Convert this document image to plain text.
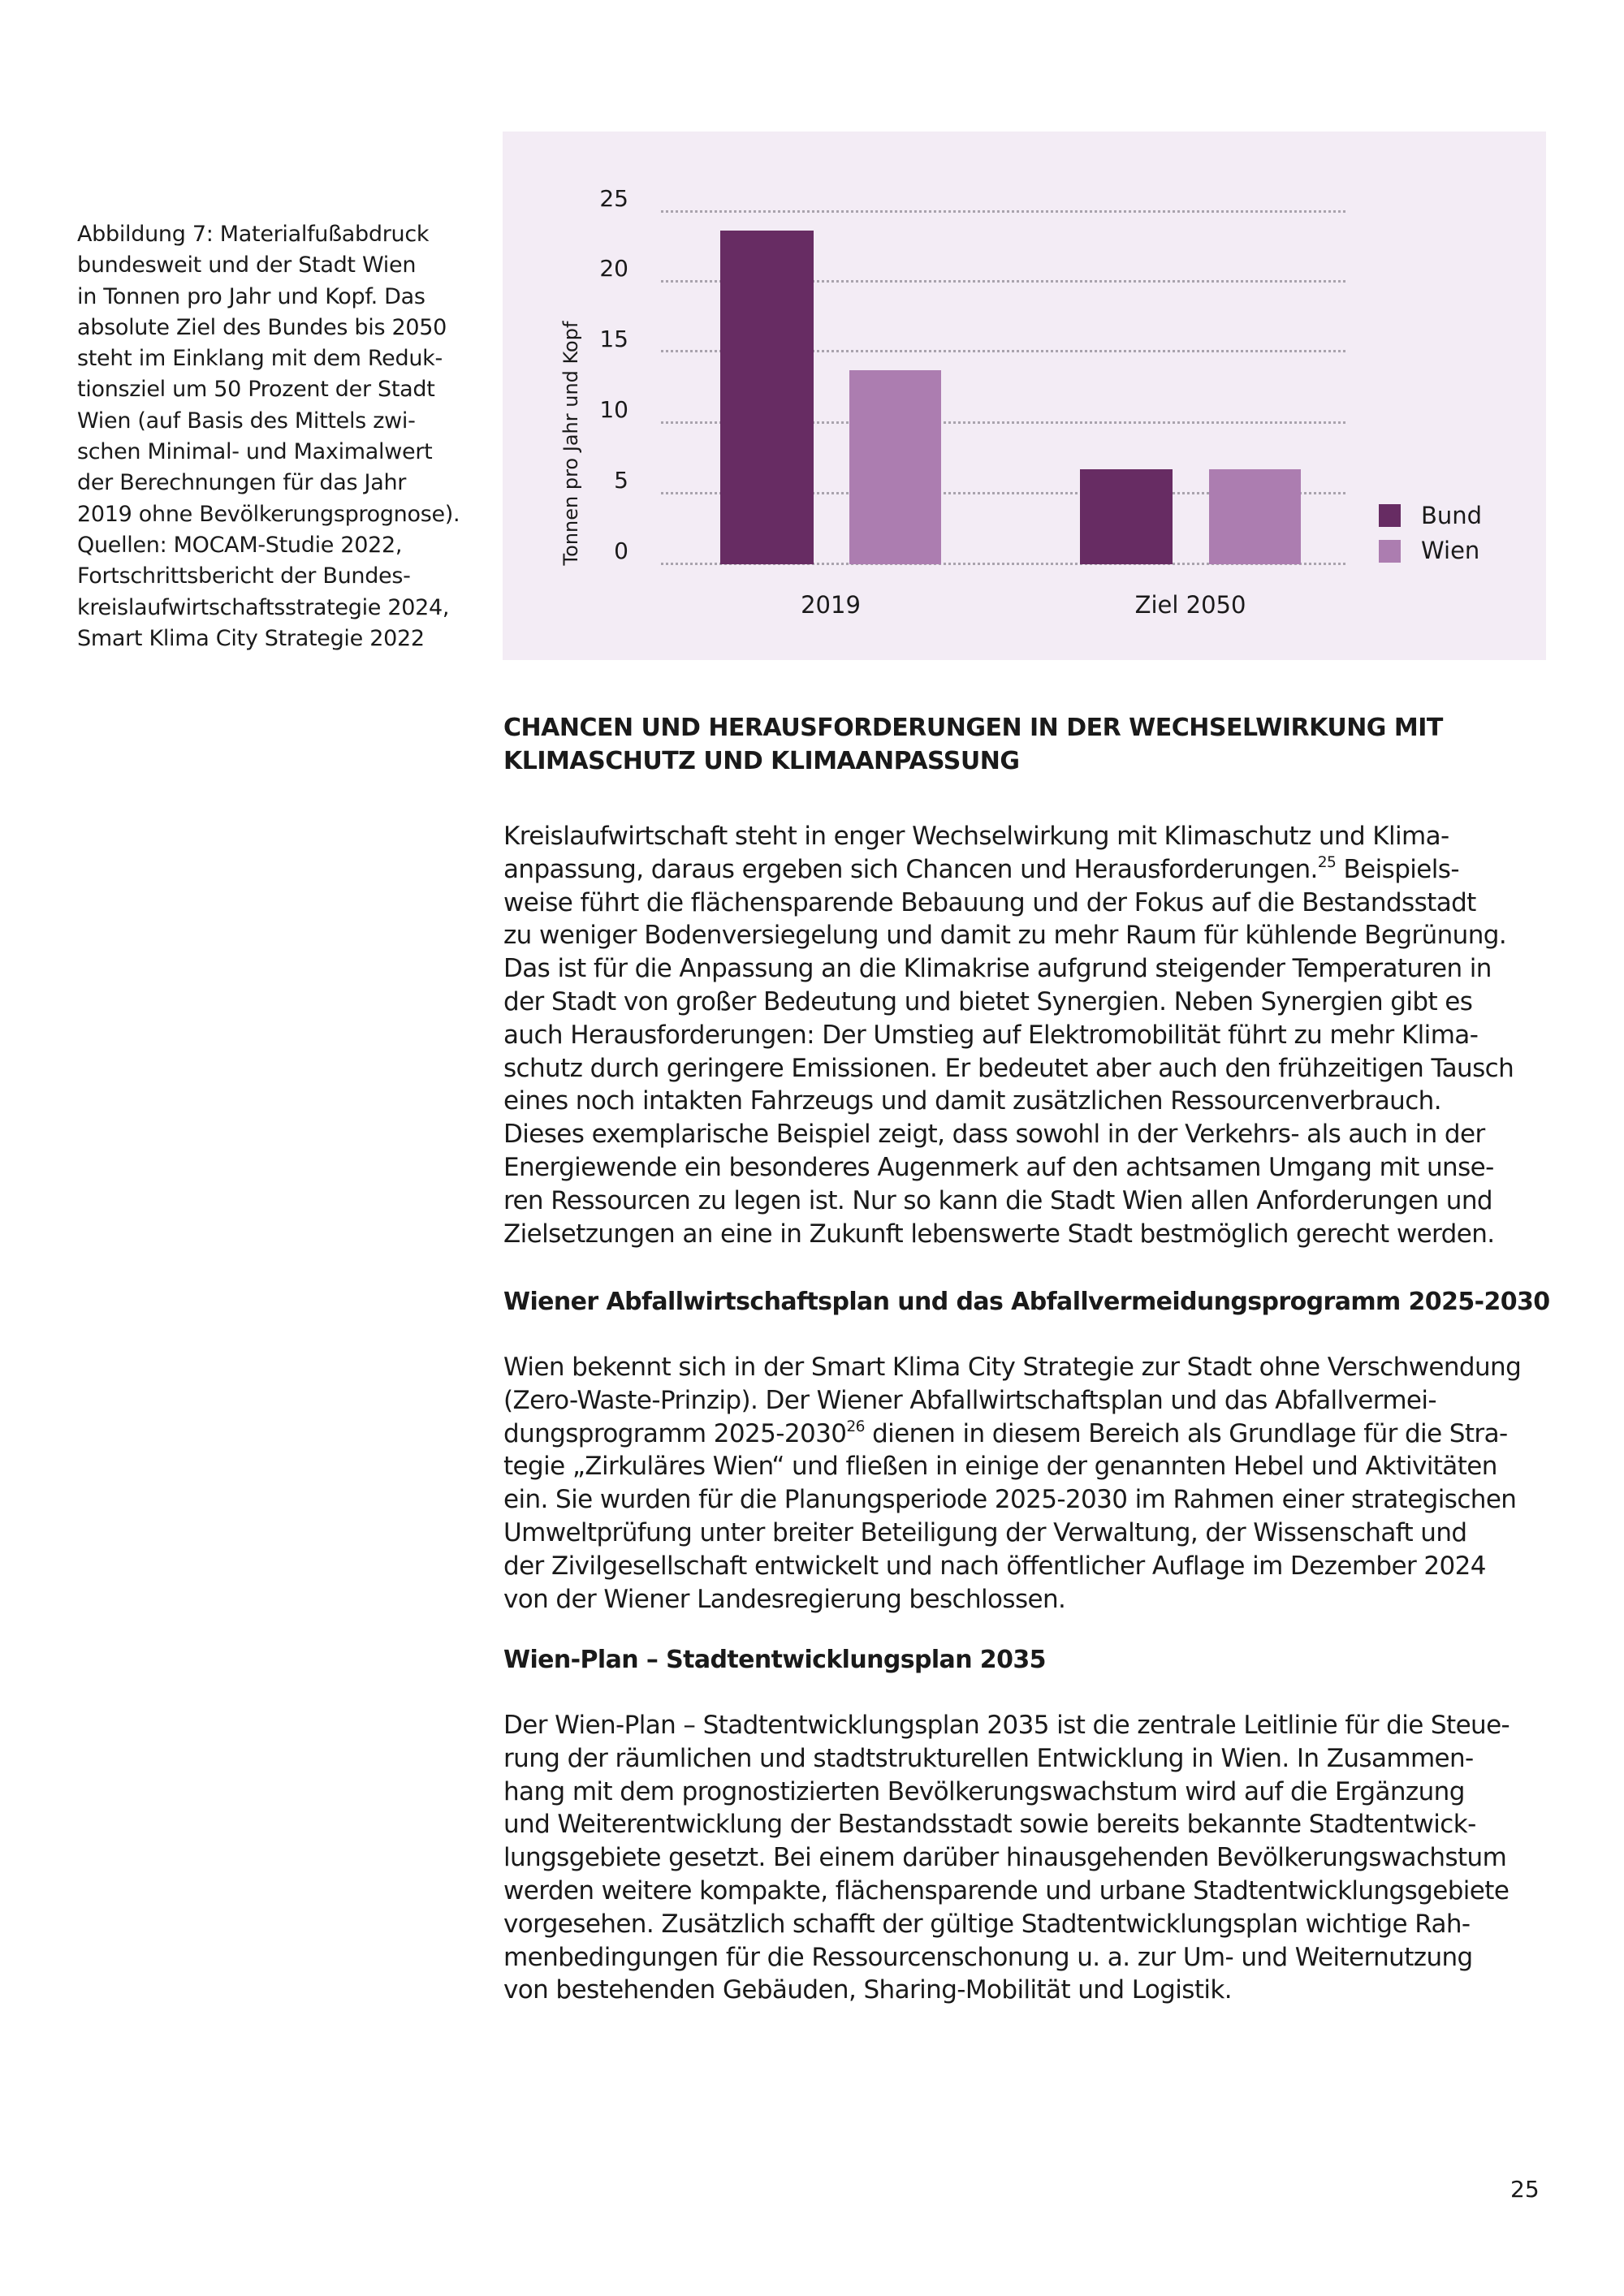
Abbildung 7: Materialfußabdruck
bundesweit und der Stadt Wien
in Tonnen pro Jahr und Kopf. Das
absolute Ziel des Bundes bis 2050
steht im Einklang mit dem Reduk-
tionsziel um 50 Prozent der Stadt
Wien (auf Basis des Mittels zwi-
schen Minimal- und Maximalwert
der Berechnungen für das Jahr
2019 ohne Bevölkerungsprognose).
Quellen: MOCAM-Studie 2022,
Fortschrittsbericht der Bundes-
kreislaufwirtschaftsstrategie 2024,
Smart Klima City Strategie 2022
Tonnen pro Jahr und Kopf	0
5
10
15
20
25
2019	Ziel 2050
Bund
Wien
CHANCEN UND HERAUSFORDERUNGEN IN DER WECHSELWIRKUNG MIT
KLIMASCHUTZ UND KLIMAANPASSUNG
Kreislaufwirtschaft steht in enger Wechselwirkung mit Klimaschutz und Klima-
anpassung, daraus ergeben sich Chancen und Herausforderungen.$^{25}$ Beispiels-
weise führt die flächensparende Bebauung und der Fokus auf die Bestandsstadt
zu weniger Bodenversiegelung und damit zu mehr Raum für kühlende Begrünung.
Das ist für die Anpassung an die Klimakrise aufgrund steigender Temperaturen in
der Stadt von großer Bedeutung und bietet Synergien. Neben Synergien gibt es
auch Herausforderungen: Der Umstieg auf Elektromobilität führt zu mehr Klima-
schutz durch geringere Emissionen. Er bedeutet aber auch den frühzeitigen Tausch
eines noch intakten Fahrzeugs und damit zusätzlichen Ressourcenverbrauch.
Dieses exemplarische Beispiel zeigt, dass sowohl in der Verkehrs- als auch in der
Energiewende ein besonderes Augenmerk auf den achtsamen Umgang mit unse-
ren Ressourcen zu legen ist. Nur so kann die Stadt Wien allen Anforderungen und
Zielsetzungen an eine in Zukunft lebenswerte Stadt bestmöglich gerecht werden.
Wiener Abfallwirtschaftsplan und das Abfallvermeidungsprogramm 2025-2030
Wien bekennt sich in der Smart Klima City Strategie zur Stadt ohne Verschwendung
(Zero-Waste-Prinzip). Der Wiener Abfallwirtschaftsplan und das Abfallvermei-
dungsprogramm 2025-2030$^{26}$ dienen in diesem Bereich als Grundlage für die Stra-
tegie „Zirkuläres Wien“ und fließen in einige der genannten Hebel und Aktivitäten
ein. Sie wurden für die Planungsperiode 2025-2030 im Rahmen einer strategischen
Umweltprüfung unter breiter Beteiligung der Verwaltung, der Wissenschaft und
der Zivilgesellschaft entwickelt und nach öffentlicher Auflage im Dezember 2024
von der Wiener Landesregierung beschlossen.
Wien-Plan – Stadtentwicklungsplan 2035
Der Wien-Plan – Stadtentwicklungsplan 2035 ist die zentrale Leitlinie für die Steue-
rung der räumlichen und stadtstrukturellen Entwicklung in Wien. In Zusammen-
hang mit dem prognostizierten Bevölkerungswachstum wird auf die Ergänzung
und Weiterentwicklung der Bestandsstadt sowie bereits bekannte Stadtentwick-
lungsgebiete gesetzt. Bei einem darüber hinausgehenden Bevölkerungswachstum
werden weitere kompakte, flächensparende und urbane Stadtentwicklungsgebiete
vorgesehen. Zusätzlich schafft der gültige Stadtentwicklungsplan wichtige Rah-
menbedingungen für die Ressourcenschonung u. a. zur Um- und Weiternutzung
von bestehenden Gebäuden, Sharing-Mobilität und Logistik.
25
